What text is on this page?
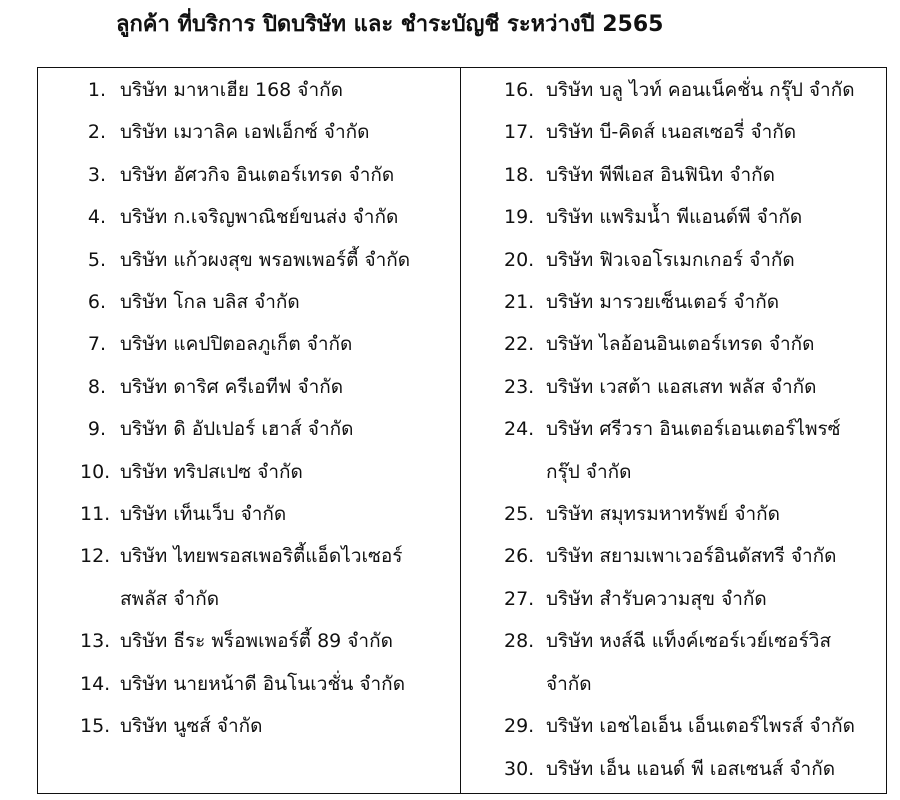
ลูกค้า ที่บริการ ปิดบริษัท และ ชำระบัญชี ระหว่างปี 2565
1. บริษัท มาหาเฮีย 168 จำกัด
2. บริษัท เมวาลิค เอฟเอ็กซ์ จำกัด
3. บริษัท อัศวกิจ อินเตอร์เทรด จำกัด
4. บริษัท ก.เจริญพาณิชย์ขนส่ง จำกัด
5. บริษัท แก้วผงสุข พรอพเพอร์ตี้ จำกัด
6. บริษัท โกล บลิส จำกัด
7. บริษัท แคปปิตอลภูเก็ต จำกัด
8. บริษัท ดาริศ ครีเอทีฟ จำกัด
9. บริษัท ดิ อัปเปอร์ เฮาส์ จำกัด
10. บริษัท ทริปสเปซ จำกัด
11. บริษัท เท็นเว็บ จำกัด
12. บริษัท ไทยพรอสเพอริตี้แอ็ดไวเซอร์
สพลัส จำกัด
13. บริษัท ธีระ พร็อพเพอร์ตี้ 89 จำกัด
14. บริษัท นายหน้าดี อินโนเวชั่น จำกัด
15. บริษัท นูซส์ จำกัด
16. บริษัท บลู ไวท์ คอนเน็คชั่น กรุ๊ป จำกัด
17. บริษัท บี-คิดส์ เนอสเซอรี่ จำกัด
18. บริษัท พีพีเอส อินฟินิท จำกัด
19. บริษัท แพริมน้ำ พีแอนด์พี จำกัด
20. บริษัท ฟิวเจอโรเมกเกอร์ จำกัด
21. บริษัท มารวยเซ็นเตอร์ จำกัด
22. บริษัท ไลอ้อนอินเตอร์เทรด จำกัด
23. บริษัท เวสต้า แอสเสท พลัส จำกัด
24. บริษัท ศรีวรา อินเตอร์เอนเตอร์ไพรซ์
กรุ๊ป จำกัด
25. บริษัท สมุทรมหาทรัพย์ จำกัด
26. บริษัท สยามเพาเวอร์อินดัสทรี จำกัด
27. บริษัท สำรับความสุข จำกัด
28. บริษัท หงส์ฉี แท็งค์เซอร์เวย์เซอร์วิส
จำกัด
29. บริษัท เอชไอเอ็น เอ็นเตอร์ไพรส์ จำกัด
30. บริษัท เอ็น แอนด์ พี เอสเซนส์ จำกัด
